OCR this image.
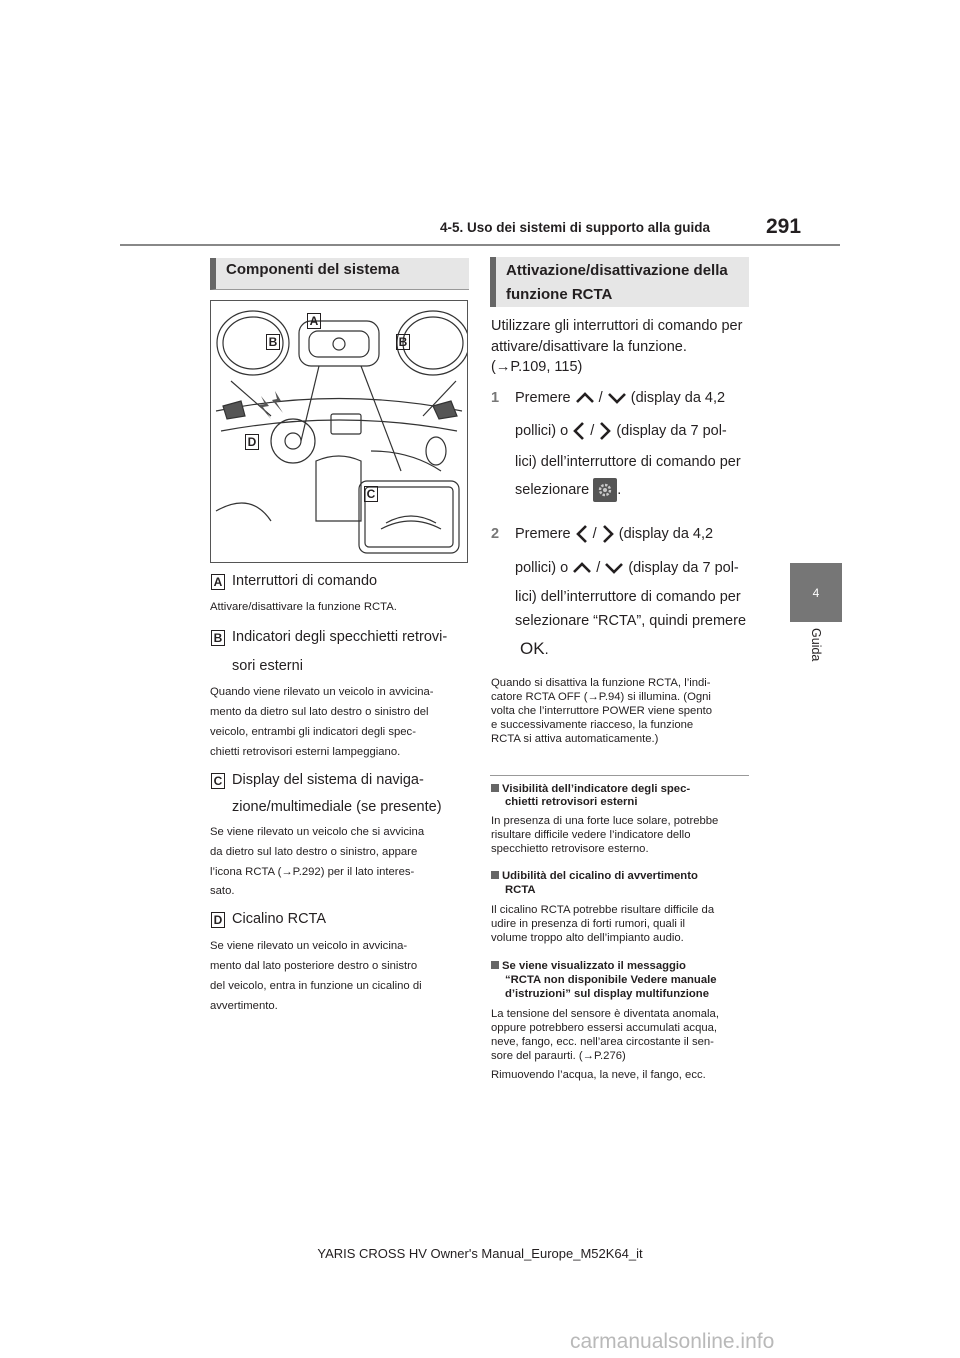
4-5. Uso dei sistemi di supporto alla guida	291
4
Guida
Componenti del sistema
A
B	B
C
D
A Interruttori di comando
Attivare/disattivare la funzione RCTA.
B Indicatori degli specchietti retrovi-
sori esterni
Quando viene rilevato un veicolo in avvicina-
mento da dietro sul lato destro o sinistro del
veicolo, entrambi gli indicatori degli spec-
chietti retrovisori esterni lampeggiano.
C Display del sistema di naviga-
zione/multimediale (se presente)
Se viene rilevato un veicolo che si avvicina
da dietro sul lato destro o sinistro, appare
l’icona RCTA (→P.292) per il lato interes-
sato.
D Cicalino RCTA
Se viene rilevato un veicolo in avvicina-
mento dal lato posteriore destro o sinistro
del veicolo, entra in funzione un cicalino di
avvertimento.
Attivazione/disattivazione della
funzione RCTA
Utilizzare gli interruttori di comando per
attivare/disattivare la funzione.
(→P.109, 115)
1 Premere / (display da 4,2
pollici) o / (display da 7 pol-
lici) dell’interruttore di comando per
selezionare .
2 Premere / (display da 4,2
pollici) o / (display da 7 pol-
lici) dell’interruttore di comando per
selezionare “RCTA”, quindi premere
OK.
Quando si disattiva la funzione RCTA, l’indi-
catore RCTA OFF (→P.94) si illumina. (Ogni
volta che l’interruttore POWER viene spento
e successivamente riacceso, la funzione
RCTA si attiva automaticamente.)
Visibilità dell’indicatore degli spec-
chietti retrovisori esterni
In presenza di una forte luce solare, potrebbe
risultare difficile vedere l’indicatore dello
specchietto retrovisore esterno.
Udibilità del cicalino di avvertimento
RCTA
Il cicalino RCTA potrebbe risultare difficile da
udire in presenza di forti rumori, quali il
volume troppo alto dell’impianto audio.
Se viene visualizzato il messaggio
“RCTA non disponibile Vedere manuale
d’istruzioni” sul display multifunzione
La tensione del sensore è diventata anomala,
oppure potrebbero essersi accumulati acqua,
neve, fango, ecc. nell’area circostante il sen-
sore del paraurti. (→P.276)
Rimuovendo l’acqua, la neve, il fango, ecc.
YARIS CROSS HV Owner's Manual_Europe_M52K64_it
carmanualsonline.info
